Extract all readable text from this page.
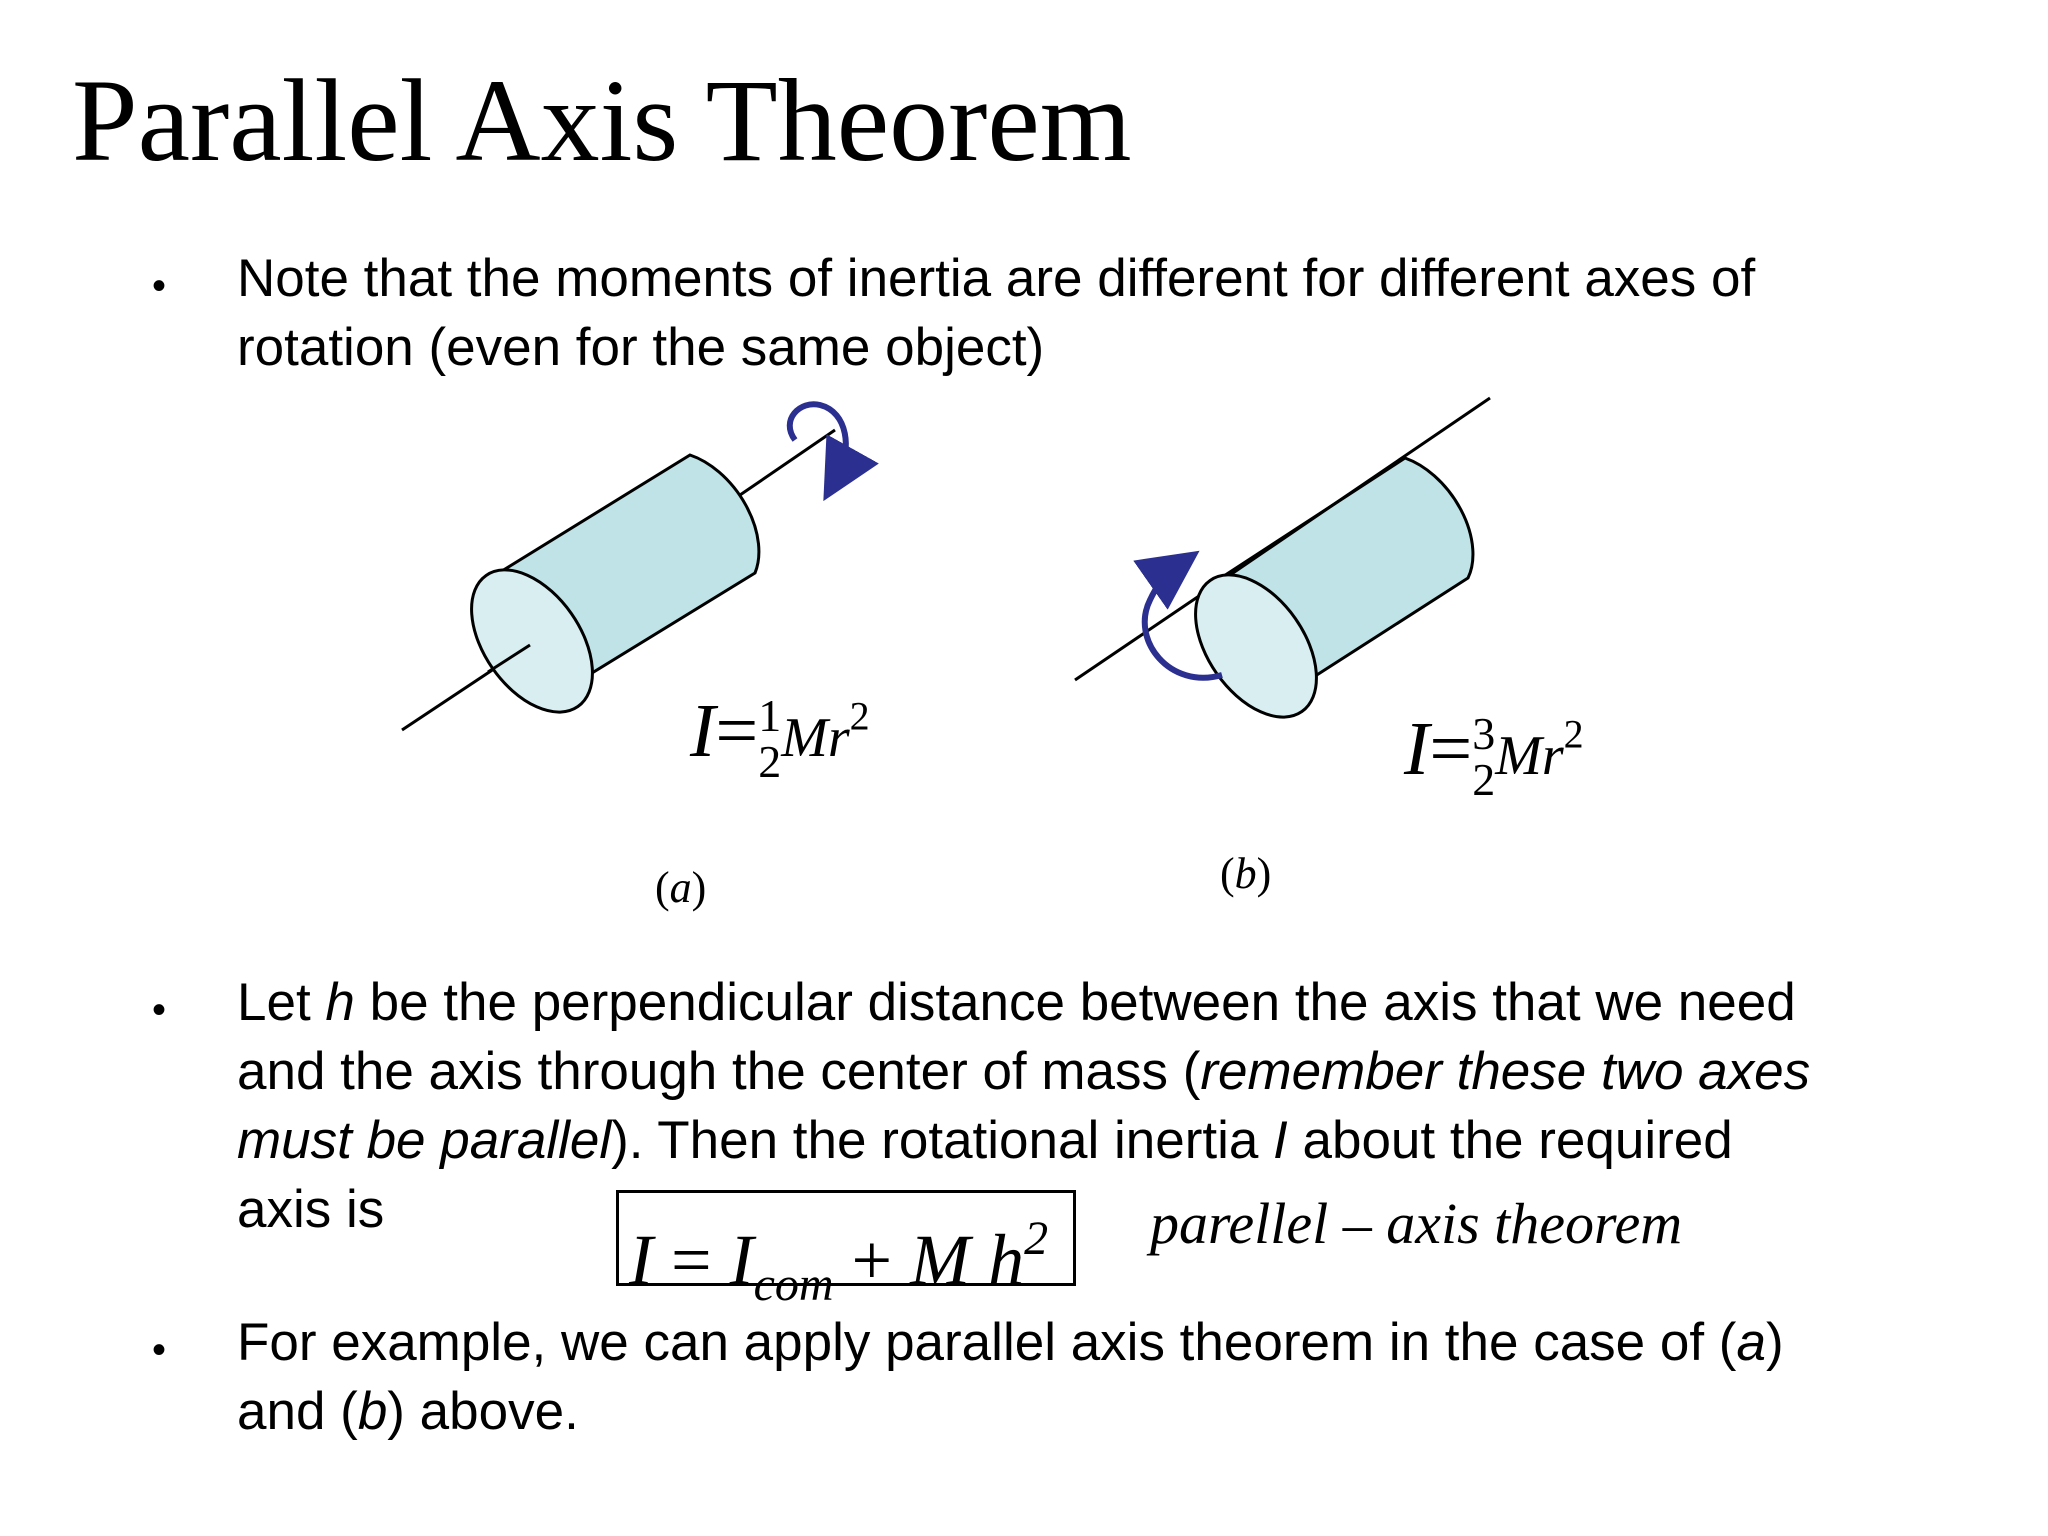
Parallel Axis Theorem
• Note that the moments of inertia are different for different axes of
rotation (even for the same object)
I= 1
2 Mr$^2$
(a)
I= 3
2 Mr$^2$
(b)
• Let h be the perpendicular distance between the axis that we need
and the axis through the center of mass (remember these two axes
must be parallel). Then the rotational inertia I about the required
axis is
$I = I_{com} + M$ $h^2$	parellel – axis theorem
• For example, we can apply parallel axis theorem in the case of (a)
and (b) above.
